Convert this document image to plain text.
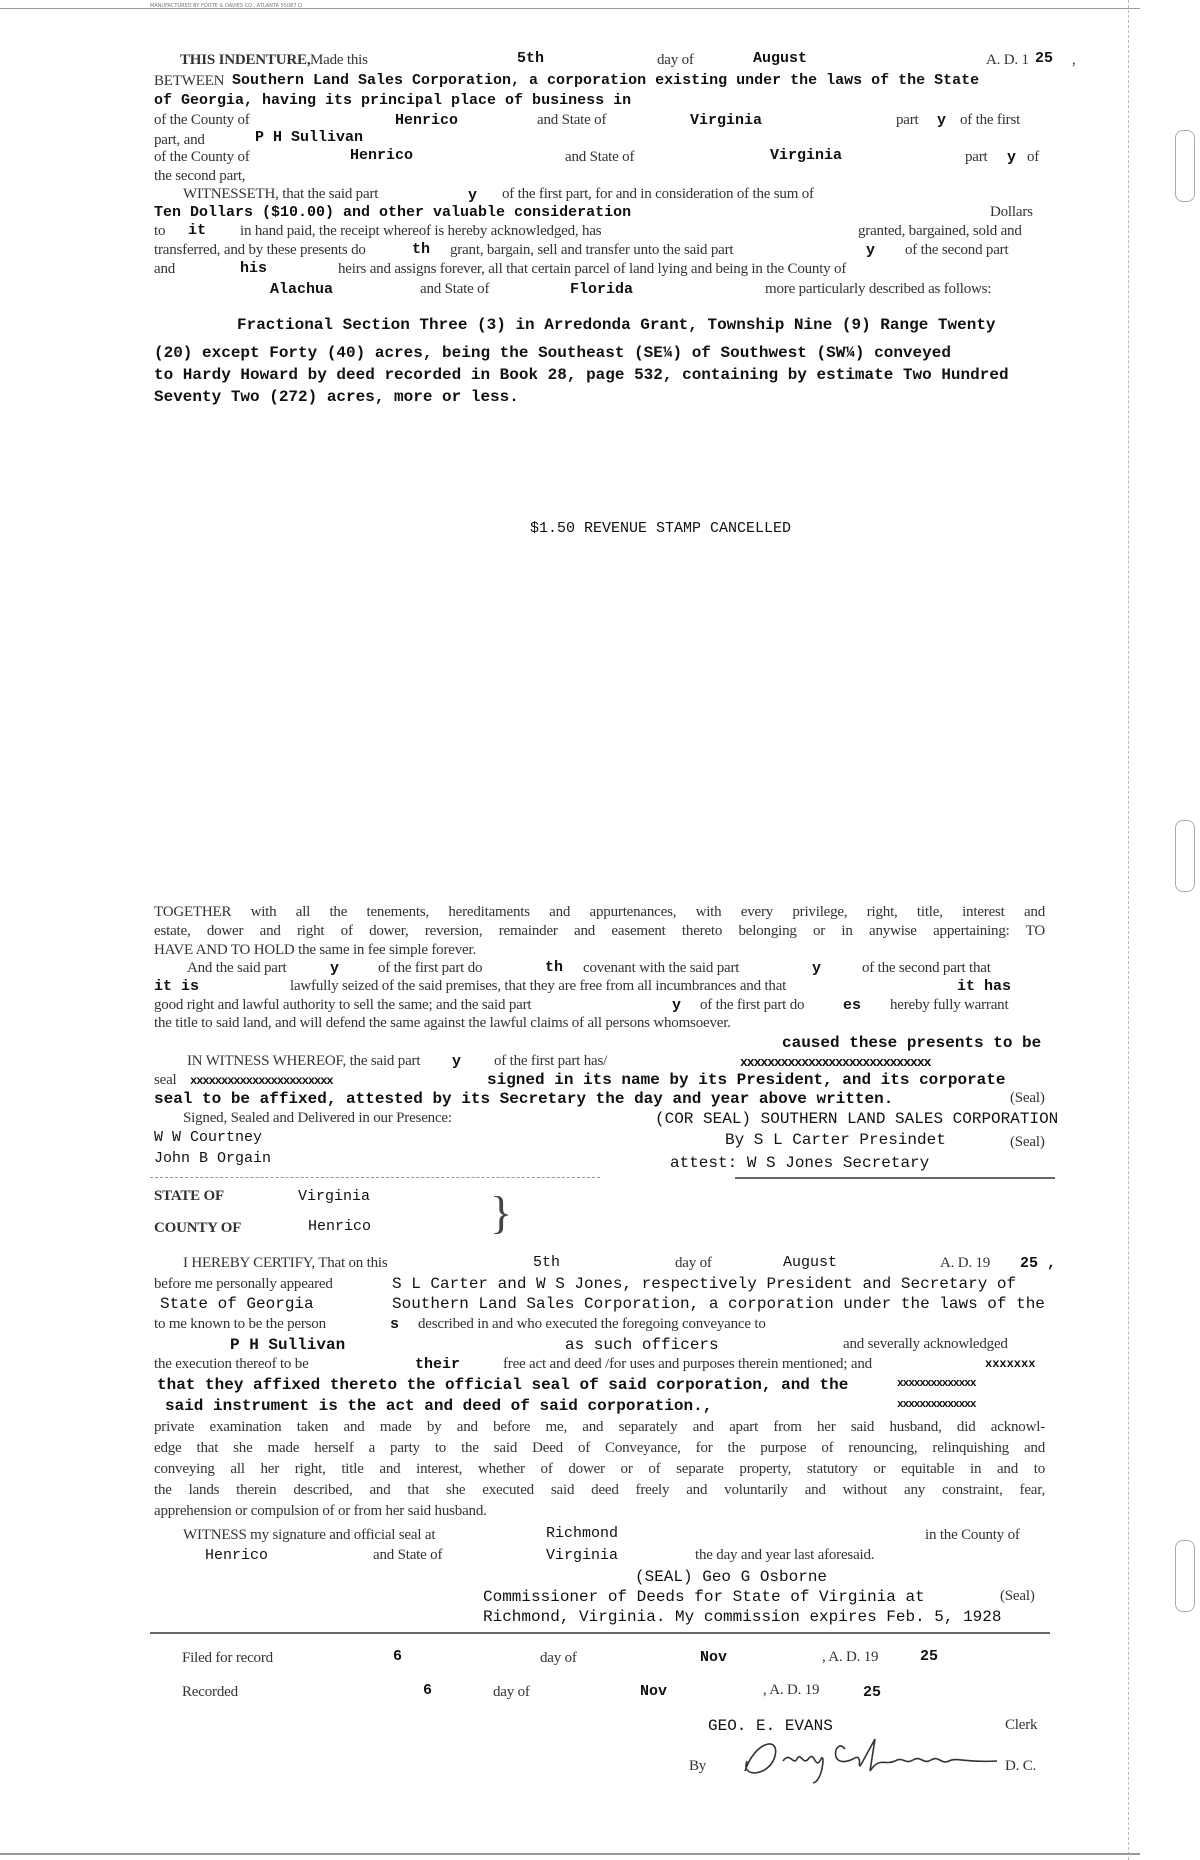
MANUFACTURED BY FOOTE & DAVIES CO., ATLANTA 55087 D
THIS INDENTURE, Made this	5th	day of	August	A. D. 1 25 ,
BETWEEN Southern Land Sales Corporation, a corporation existing under the laws of the State
of Georgia, having its principal place of business in
of the County of	Henrico	and State of	Virginia	part y of the first
part, and	P H Sullivan
of the County of	Henrico	and State of	Virginia	part y of
the second part,
WITNESSETH, that the said part	y of the first part, for and in consideration of the sum of
Ten Dollars ($10.00) and other valuable consideration	Dollars
to it in hand paid, the receipt whereof is hereby acknowledged, has	granted, bargained, sold and
transferred, and by these presents do	th grant, bargain, sell and transfer unto the said part	y of the second part
and	his	heirs and assigns forever, all that certain parcel of land lying and being in the County of
Alachua	and State of	Florida	more particularly described as follows:
Fractional Section Three (3) in Arredonda Grant, Township Nine (9) Range Twenty
(20) except Forty (40) acres, being the Southeast (SE¼) of Southwest (SW¼) conveyed
to Hardy Howard by deed recorded in Book 28, page 532, containing by estimate Two Hundred
Seventy Two (272) acres, more or less.
$1.50 REVENUE STAMP CANCELLED
TOGETHER with all the tenements, hereditaments and appurtenances, with every privilege, right, title, interest and
estate, dower and right of dower, reversion, remainder and easement thereto belonging or in anywise appertaining: TO
HAVE AND TO HOLD the same in fee simple forever.
And the said part	y	of the first part do	th covenant with the said part	y	of the second part that
it is	lawfully seized of the said premises, that they are free from all incumbrances and that	it has
good right and lawful authority to sell the same; and the said part	y of the first part do	es hereby fully warrant
the title to said land, and will defend the same against the lawful claims of all persons whomsoever.
caused these presents to be
IN WITNESS WHEREOF, the said part y of the first part has/	xxxxxxxxxxxxxxxxxxxxxxxxxxxx
seal xxxxxxxxxxxxxxxxxxxxxxx	signed in its name by its President, and its corporate
seal to be affixed, attested by its Secretary the day and year above written.	(Seal)
Signed, Sealed and Delivered in our Presence:	(COR SEAL) SOUTHERN LAND SALES CORPORATION
W W Courtney	By S L Carter Presindet	(Seal)
John B Orgain	attest: W S Jones Secretary
STATE OF	Virginia
COUNTY OF	Henrico	}
I HEREBY CERTIFY, That on this	5th	day of	August	A. D. 19 25 ,
before me personally appeared	S L Carter and W S Jones, respectively President and Secretary of
State of Georgia	Southern Land Sales Corporation, a corporation under the laws of the
to me known to be the person	s described in and who executed the foregoing conveyance to
P H Sullivan	as such officers	and severally acknowledged
the execution thereof to be	their	free act and deed /for uses and purposes therein mentioned; and	xxxxxxx
that they affixed thereto the official seal of said corporation, and the	xxxxxxxxxxxxxx
said instrument is the act and deed of said corporation.,	xxxxxxxxxxxxxx
private examination taken and made by and before me, and separately and apart from her said husband, did acknowl-
edge that she made herself a party to the said Deed of Conveyance, for the purpose of renouncing, relinquishing and
conveying all her right, title and interest, whether of dower or of separate property, statutory or equitable in and to
the lands therein described, and that she executed said deed freely and voluntarily and without any constraint, fear,
apprehension or compulsion of or from her said husband.
WITNESS my signature and official seal at	Richmond	in the County of
Henrico	and State of	Virginia	the day and year last aforesaid.
(SEAL) Geo G Osborne
Commissioner of Deeds for State of Virginia at	(Seal)
Richmond, Virginia. My commission expires Feb. 5, 1928
Filed for record	6	day of	Nov	, A. D. 19	25
Recorded	6	day of	Nov	, A. D. 19	25
GEO. E. EVANS	Clerk
By	D. C.
